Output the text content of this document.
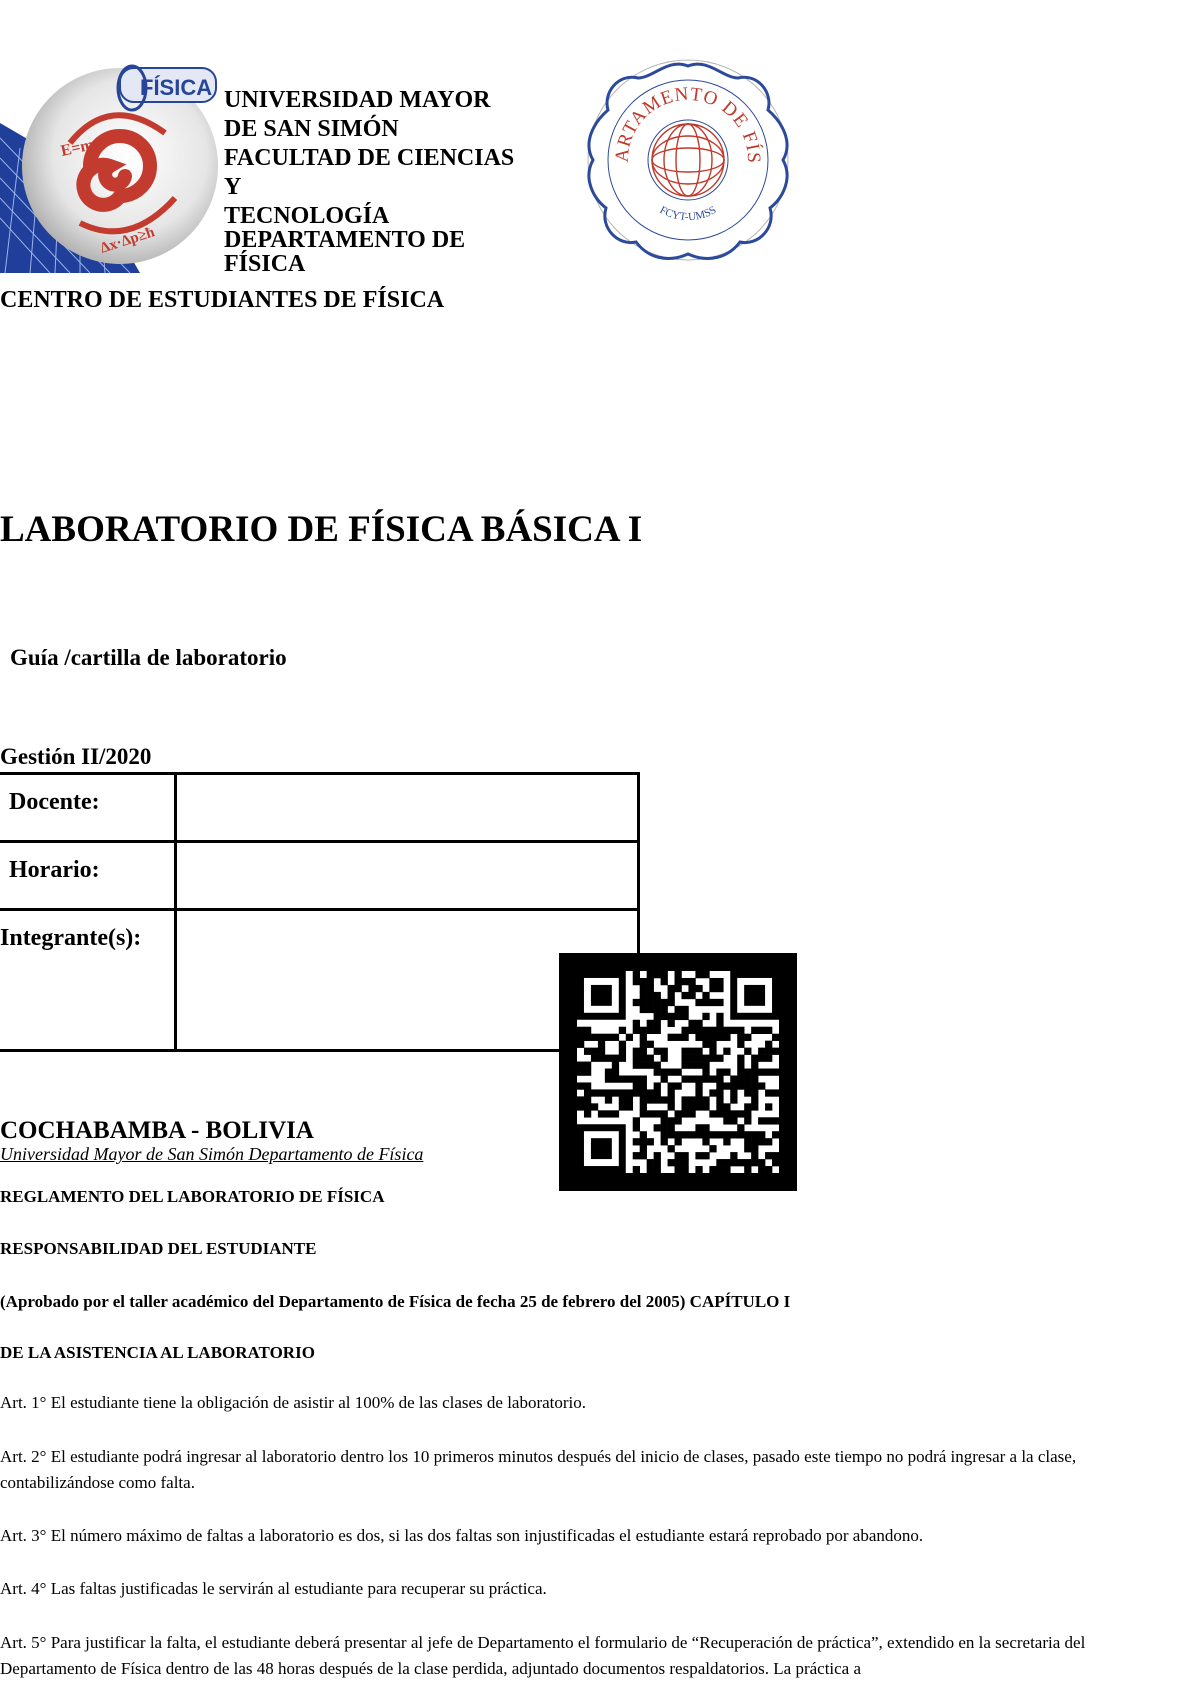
FÍSICA
E=m·c²
Δx·Δp≥ħ
UNIVERSIDAD MAYOR
DE SAN SIMÓN
FACULTAD DE CIENCIAS
Y
TECNOLOGÍA
DEPARTAMENTO DE
FÍSICA
ARTAMENTO DE FÍS
FCYT-UMSS
CENTRO DE ESTUDIANTES DE FÍSICA
LABORATORIO DE FÍSICA BÁSICA I
Guía /cartilla de laboratorio
Gestión II/2020
Docente:	

Horario:	

Integrante(s):	

COCHABAMBA - BOLIVIA
Universidad Mayor de San Simón Departamento de Física
REGLAMENTO DEL LABORATORIO DE FÍSICA
RESPONSABILIDAD DEL ESTUDIANTE
(Aprobado por el taller académico del Departamento de Física de fecha 25 de febrero del 2005) CAPÍTULO I
DE LA ASISTENCIA AL LABORATORIO
Art. 1° El estudiante tiene la obligación de asistir al 100% de las clases de laboratorio.
Art. 2° El estudiante podrá ingresar al laboratorio dentro los 10 primeros minutos después del inicio de clases, pasado este tiempo no podrá ingresar a la clase, contabilizándose como falta.
Art. 3° El número máximo de faltas a laboratorio es dos, si las dos faltas son injustificadas el estudiante estará reprobado por abandono.
Art. 4° Las faltas justificadas le servirán al estudiante para recuperar su práctica.
Art. 5° Para justificar la falta, el estudiante deberá presentar al jefe de Departamento el formulario de “Recuperación de práctica”, extendido en la secretaria del Departamento de Física dentro de las 48 horas después de la clase perdida, adjuntado documentos respaldatorios. La práctica a
